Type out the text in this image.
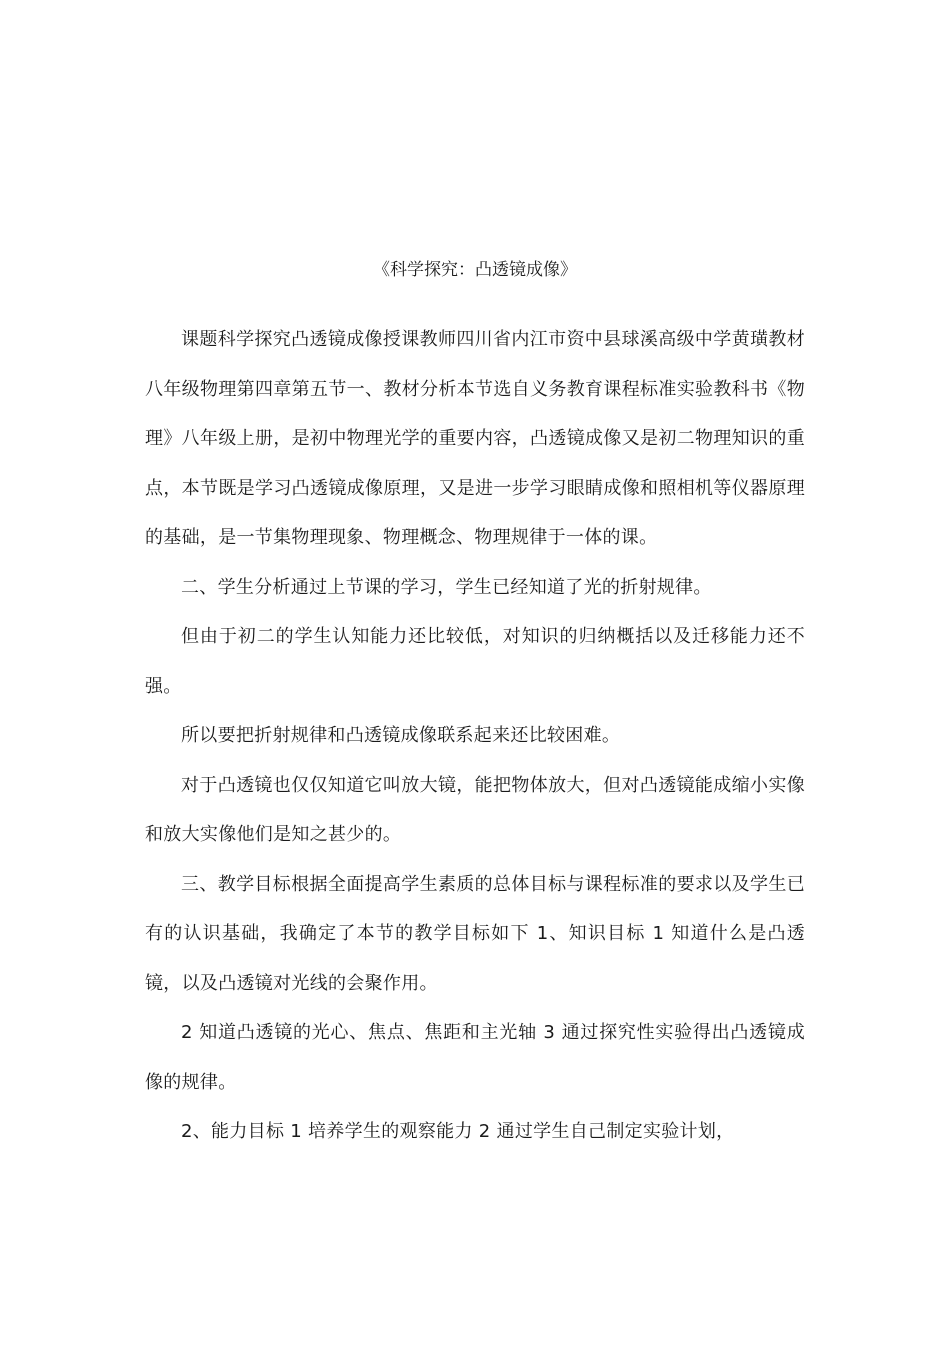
《科学探究：凸透镜成像》

课题科学探究凸透镜成像授课教师四川省内江市资中县球溪高级中学黄璜教材八年级物理第四章第五节一、教材分析本节选自义务教育课程标准实验教科书《物理》八年级上册，是初中物理光学的重要内容，凸透镜成像又是初二物理知识的重点，本节既是学习凸透镜成像原理，又是进一步学习眼睛成像和照相机等仪器原理的基础，是一节集物理现象、物理概念、物理规律于一体的课。

二、学生分析通过上节课的学习，学生已经知道了光的折射规律。

但由于初二的学生认知能力还比较低，对知识的归纳概括以及迁移能力还不强。

所以要把折射规律和凸透镜成像联系起来还比较困难。

对于凸透镜也仅仅知道它叫放大镜，能把物体放大，但对凸透镜能成缩小实像和放大实像他们是知之甚少的。

三、教学目标根据全面提高学生素质的总体目标与课程标准的要求以及学生已有的认识基础，我确定了本节的教学目标如下 1、知识目标 1 知道什么是凸透镜，以及凸透镜对光线的会聚作用。

2 知道凸透镜的光心、焦点、焦距和主光轴 3 通过探究性实验得出凸透镜成像的规律。

2、能力目标 1 培养学生的观察能力 2 通过学生自己制定实验计划，
